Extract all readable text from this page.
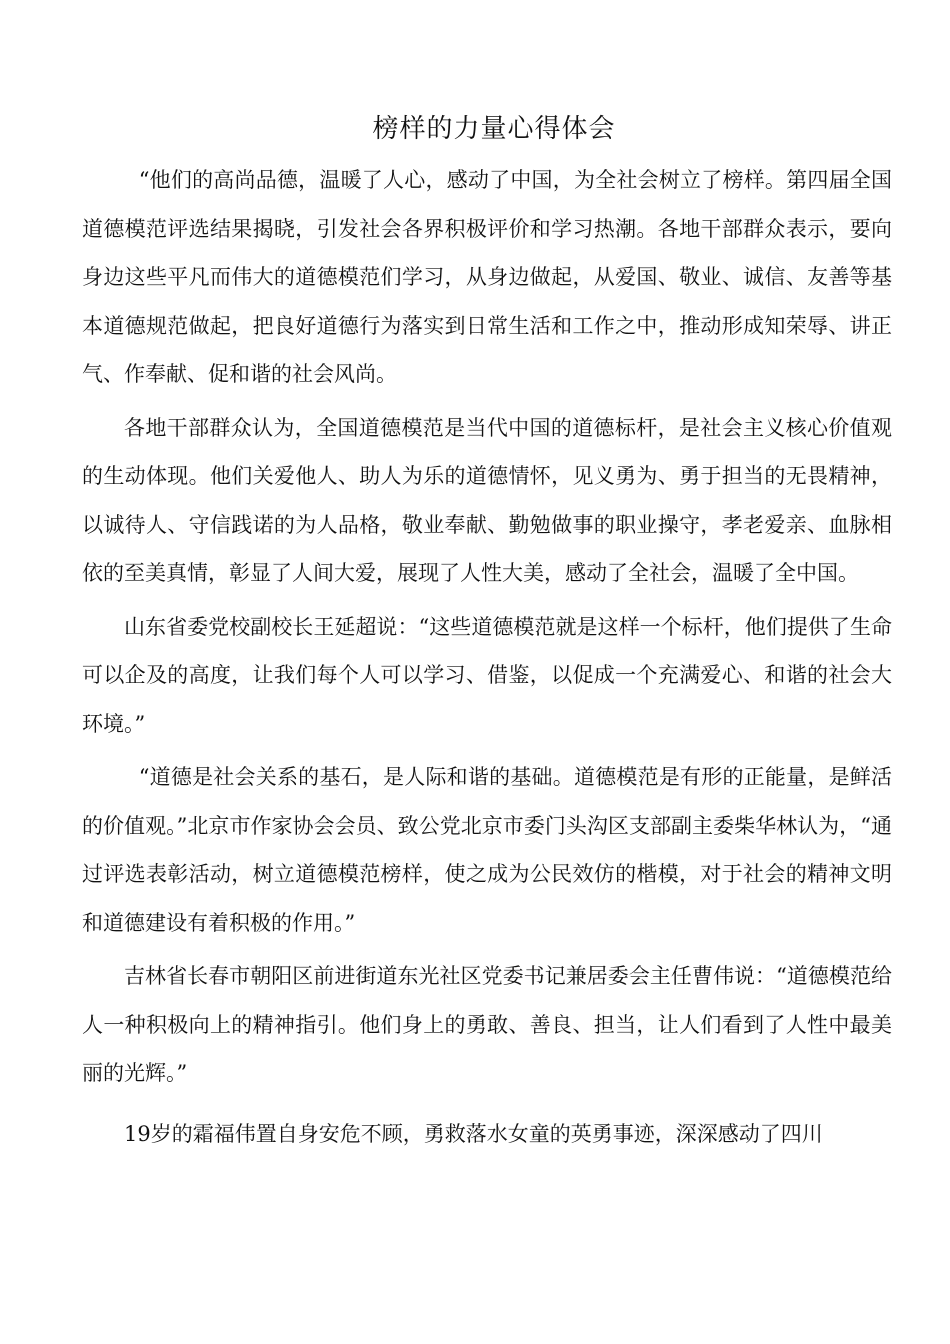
榜样的力量心得体会

“他们的高尚品德，温暖了人心，感动了中国，为全社会树立了榜样。第四届全国道德模范评选结果揭晓，引发社会各界积极评价和学习热潮。各地干部群众表示，要向身边这些平凡而伟大的道德模范们学习，从身边做起，从爱国、敬业、诚信、友善等基本道德规范做起，把良好道德行为落实到日常生活和工作之中，推动形成知荣辱、讲正气、作奉献、促和谐的社会风尚。

各地干部群众认为，全国道德模范是当代中国的道德标杆，是社会主义核心价值观的生动体现。他们关爱他人、助人为乐的道德情怀，见义勇为、勇于担当的无畏精神，以诚待人、守信践诺的为人品格，敬业奉献、勤勉做事的职业操守，孝老爱亲、血脉相依的至美真情，彰显了人间大爱，展现了人性大美，感动了全社会，温暖了全中国。

山东省委党校副校长王延超说：“这些道德模范就是这样一个标杆，他们提供了生命可以企及的高度，让我们每个人可以学习、借鉴，以促成一个充满爱心、和谐的社会大环境。”

“道德是社会关系的基石，是人际和谐的基础。道德模范是有形的正能量，是鲜活的价值观。”北京市作家协会会员、致公党北京市委门头沟区支部副主委柴华林认为，“通过评选表彰活动，树立道德模范榜样，使之成为公民效仿的楷模，对于社会的精神文明和道德建设有着积极的作用。”

吉林省长春市朝阳区前进街道东光社区党委书记兼居委会主任曹伟说：“道德模范给人一种积极向上的精神指引。他们身上的勇敢、善良、担当，让人们看到了人性中最美丽的光辉。”

19岁的霜福伟置自身安危不顾，勇救落水女童的英勇事迹，深深感动了四川
